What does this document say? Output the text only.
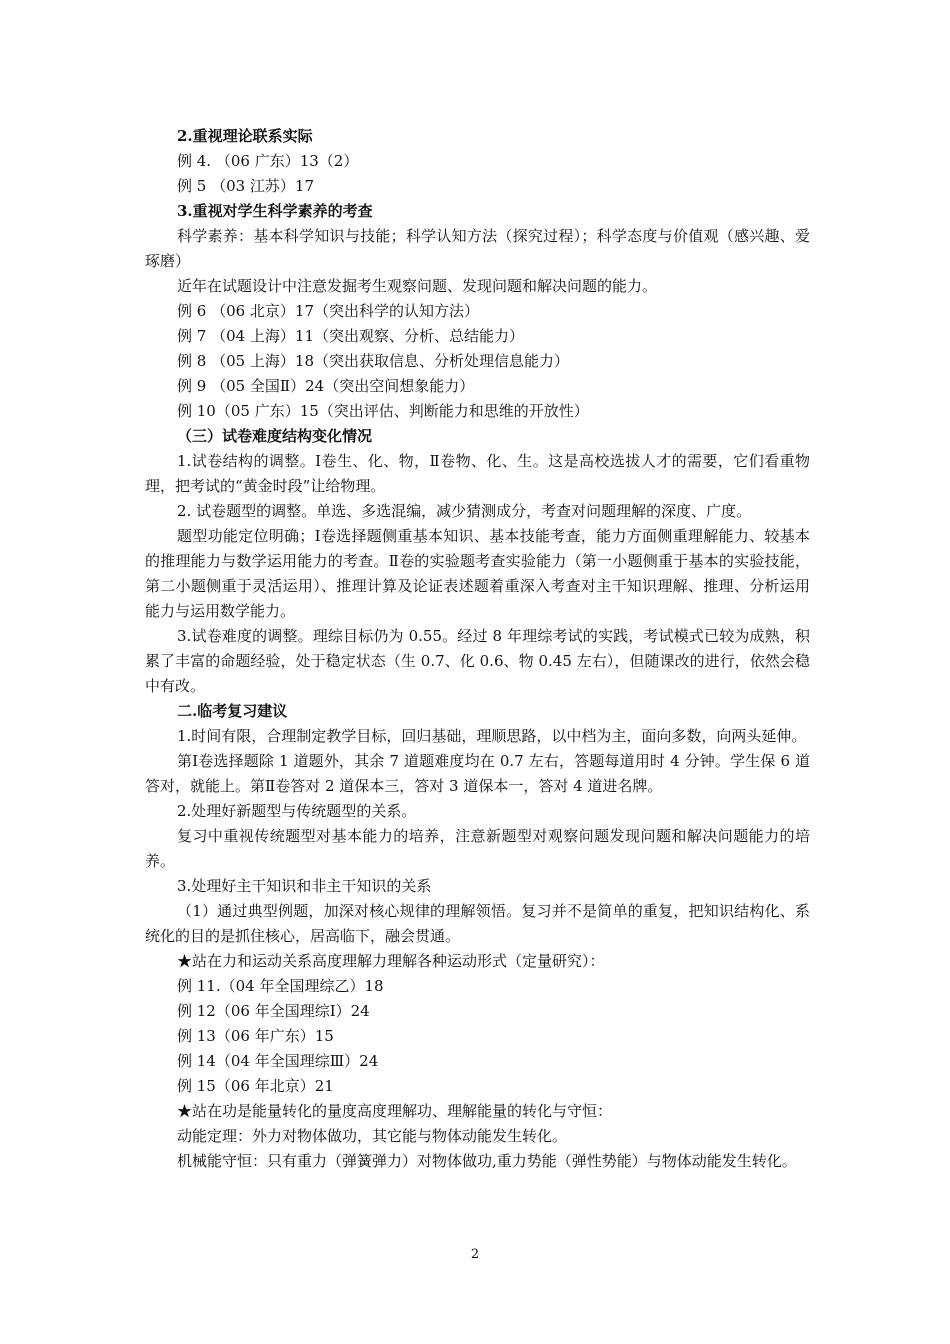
2.重视理论联系实际

例 4. （06 广东）13（2）

例 5 （03 江苏）17

3.重视对学生科学素养的考查

科学素养：基本科学知识与技能；科学认知方法（探究过程）；科学态度与价值观（感兴趣、爱琢磨）

近年在试题设计中注意发掘考生观察问题、发现问题和解决问题的能力。

例 6 （06 北京）17（突出科学的认知方法）

例 7 （04 上海）11（突出观察、分析、总结能力）

例 8 （05 上海）18（突出获取信息、分析处理信息能力）

例 9 （05 全国Ⅱ）24（突出空间想象能力）

例 10（05 广东）15（突出评估、判断能力和思维的开放性）

（三）试卷难度结构变化情况

1.试卷结构的调整。Ⅰ卷生、化、物，Ⅱ卷物、化、生。这是高校选拔人才的需要，它们看重物理，把考试的“黄金时段”让给物理。

2. 试卷题型的调整。单选、多选混编，减少猜测成分，考查对问题理解的深度、广度。

题型功能定位明确；Ⅰ卷选择题侧重基本知识、基本技能考查，能力方面侧重理解能力、较基本的推理能力与数学运用能力的考查。Ⅱ卷的实验题考查实验能力（第一小题侧重于基本的实验技能，第二小题侧重于灵活运用）、推理计算及论证表述题着重深入考查对主干知识理解、推理、分析运用能力与运用数学能力。

3.试卷难度的调整。理综目标仍为 0.55。经过 8 年理综考试的实践，考试模式已较为成熟，积累了丰富的命题经验，处于稳定状态（生 0.7、化 0.6、物 0.45 左右），但随课改的进行，依然会稳中有改。

二.临考复习建议

1.时间有限，合理制定教学目标，回归基础，理顺思路，以中档为主，面向多数，向两头延伸。

第Ⅰ卷选择题除 1 道题外，其余 7 道题难度均在 0.7 左右，答题每道用时 4 分钟。学生保 6 道答对，就能上。第Ⅱ卷答对 2 道保本三，答对 3 道保本一，答对 4 道进名牌。

2.处理好新题型与传统题型的关系。

复习中重视传统题型对基本能力的培养，注意新题型对观察问题发现问题和解决问题能力的培养。

3.处理好主干知识和非主干知识的关系

（1）通过典型例题，加深对核心规律的理解领悟。复习并不是简单的重复，把知识结构化、系统化的目的是抓住核心，居高临下，融会贯通。

★站在力和运动关系高度理解力理解各种运动形式（定量研究）：

例 11.（04 年全国理综乙）18

例 12（06 年全国理综Ⅰ）24

例 13（06 年广东）15

例 14（04 年全国理综Ⅲ）24

例 15（06 年北京）21

★站在功是能量转化的量度高度理解功、理解能量的转化与守恒：

动能定理：外力对物体做功，其它能与物体动能发生转化。

机械能守恒：只有重力（弹簧弹力）对物体做功,重力势能（弹性势能）与物体动能发生转化。

2
